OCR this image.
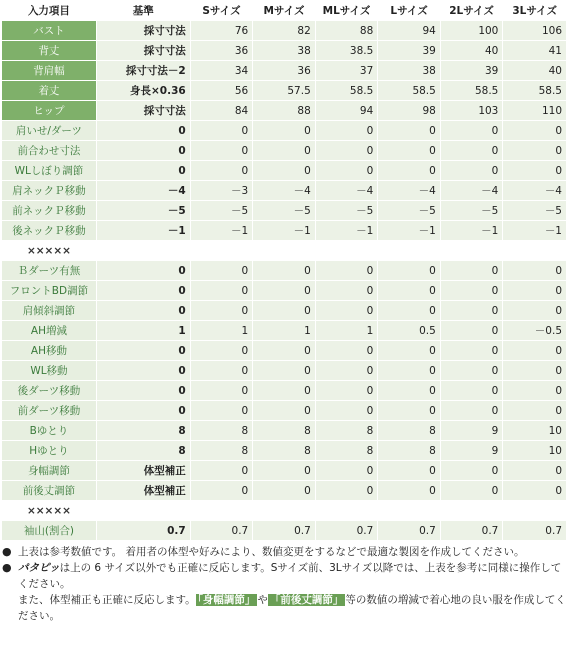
入力項目	基準	Sサイズ	Mサイズ	MLサイズ	Lサイズ	2Lサイズ	3Lサイズ
バスト	採寸寸法	76	82	88	94	100	106
背丈	採寸寸法	36	38	38.5	39	40	41
背肩幅	採寸寸法－2	34	36	37	38	39	40
着丈	身長×0.36	56	57.5	58.5	58.5	58.5	58.5
ヒップ	採寸寸法	84	88	94	98	103	110
肩いせ/ダーツ	0	0	0	0	0	0	0
前合わせ寸法	0	0	0	0	0	0	0
WLしぼり調節	0	0	0	0	0	0	0
肩ネックＰ移動	－4	－3	－4	－4	－4	－4	－4
前ネックＰ移動	－5	－5	－5	－5	－5	－5	－5
後ネックＰ移動	－1	－1	－1	－1	－1	－1	－1
×××××							
Ｂダーツ有無	0	0	0	0	0	0	0
フロントBD調節	0	0	0	0	0	0	0
肩傾斜調節	0	0	0	0	0	0	0
AH増減	1	1	1	1	0.5	0	－0.5
AH移動	0	0	0	0	0	0	0
WL移動	0	0	0	0	0	0	0
後ダーツ移動	0	0	0	0	0	0	0
前ダーツ移動	0	0	0	0	0	0	0
Bゆとり	8	8	8	8	8	9	10
Hゆとり	8	8	8	8	8	9	10
身幅調節	体型補正	0	0	0	0	0	0
前後丈調節	体型補正	0	0	0	0	0	0
×××××							
袖山(割合)	0.7	0.7	0.7	0.7	0.7	0.7	0.7
● 上表は参考数値です。 着用者の体型や好みにより、数値変更をするなどで最適な製図を作成してください。
● パタピッは上の 6 サイズ以外でも正確に反応します。Sサイズ前、3Lサイズ以降では、上表を参考に同様に操作してください。
また、体型補正も正確に反応します。 「身幅調節」 や 「前後丈調節」 等の数値の増減で着心地の良い服を作成してください。
